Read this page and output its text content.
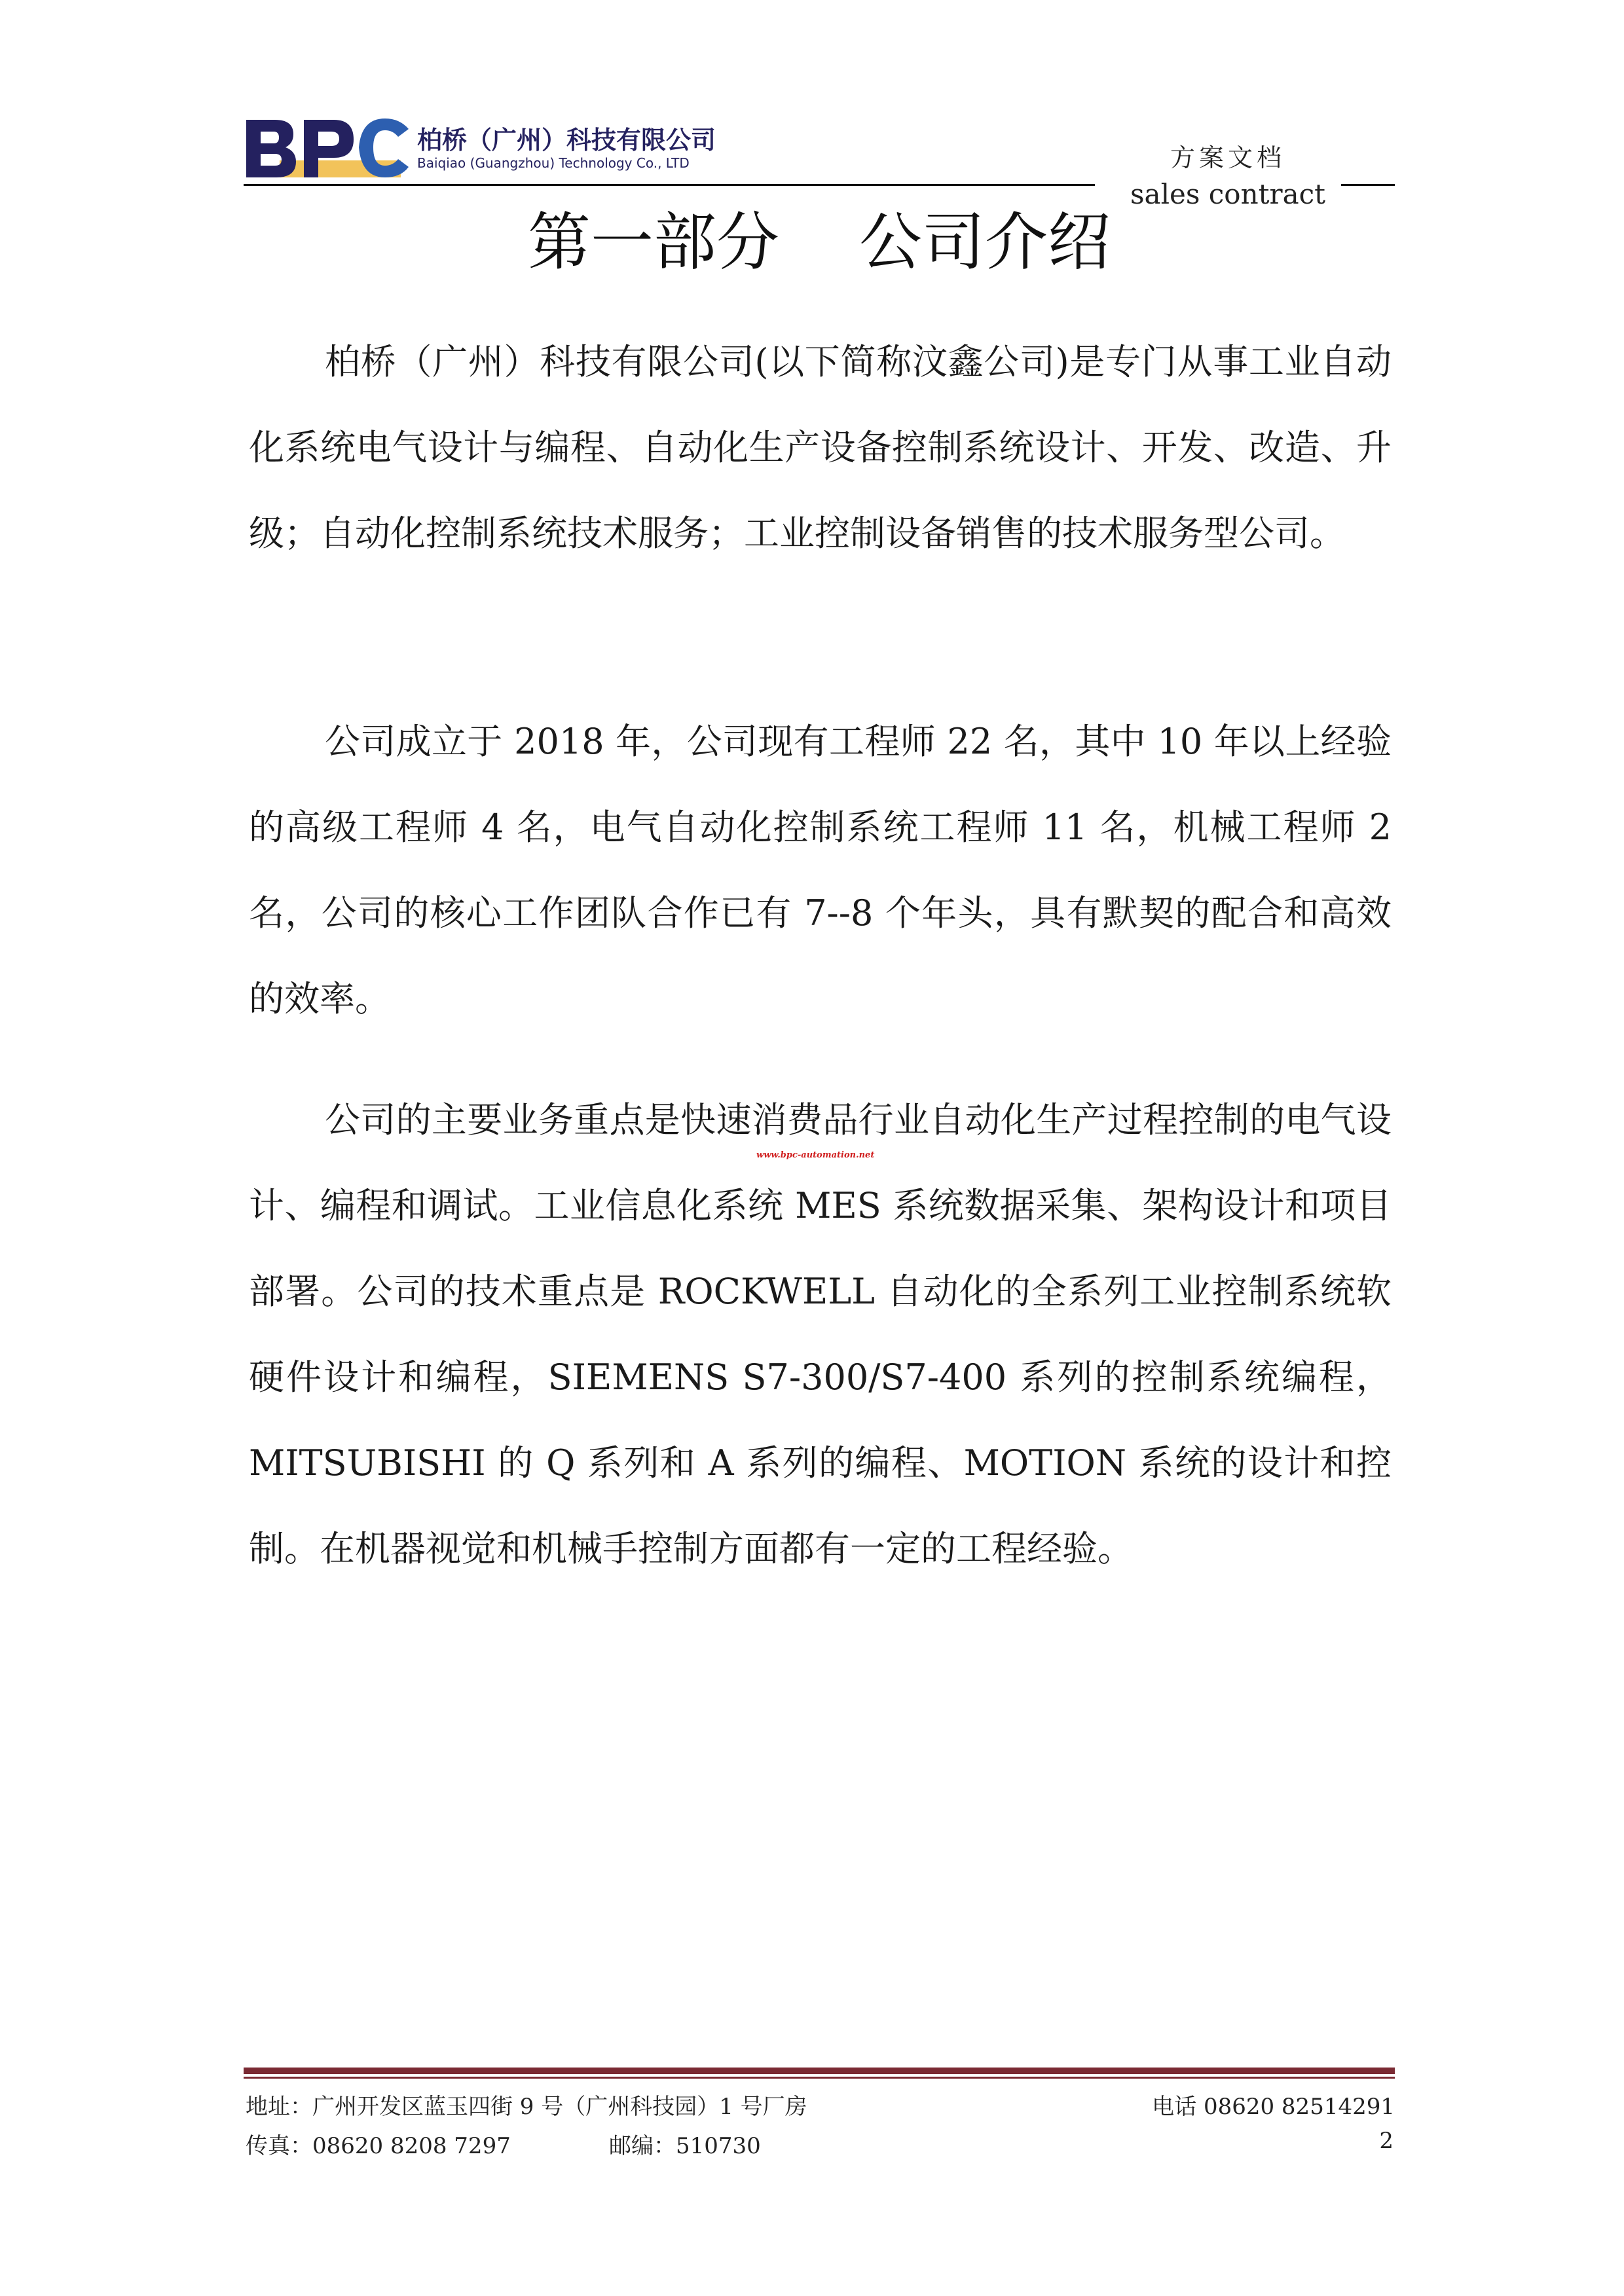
柏桥（广州）科技有限公司
Baiqiao (Guangzhou) Technology Co., LTD	方案文档
sales contract
第一部分    公司介绍

柏桥（广州）科技有限公司(以下简称汶鑫公司)是专门从事工业自动化系统电气设计与编程、自动化生产设备控制系统设计、开发、改造、升级；自动化控制系统技术服务；工业控制设备销售的技术服务型公司。

公司成立于 2018 年，公司现有工程师 22 名，其中 10 年以上经验的高级工程师 4 名，电气自动化控制系统工程师 11 名，机械工程师 2 名，公司的核心工作团队合作已有 7--8 个年头，具有默契的配合和高效的效率。

公司的主要业务重点是快速消费品行业自动化生产过程控制的电气设计、编程和调试。工业信息化系统 MES 系统数据采集、架构设计和项目部署。公司的技术重点是 ROCKWELL 自动化的全系列工业控制系统软硬件设计和编程，SIEMENS S7-300/S7-400 系列的控制系统编程，MITSUBISHI 的 Q 系列和 A 系列的编程、MOTION 系统的设计和控制。在机器视觉和机械手控制方面都有一定的工程经验。

www.bpc-automation.net
地址：广州开发区蓝玉四街 9 号（广州科技园）1 号厂房	电话 08620 82514291
传真：08620 8208 7297	邮编：510730	2
